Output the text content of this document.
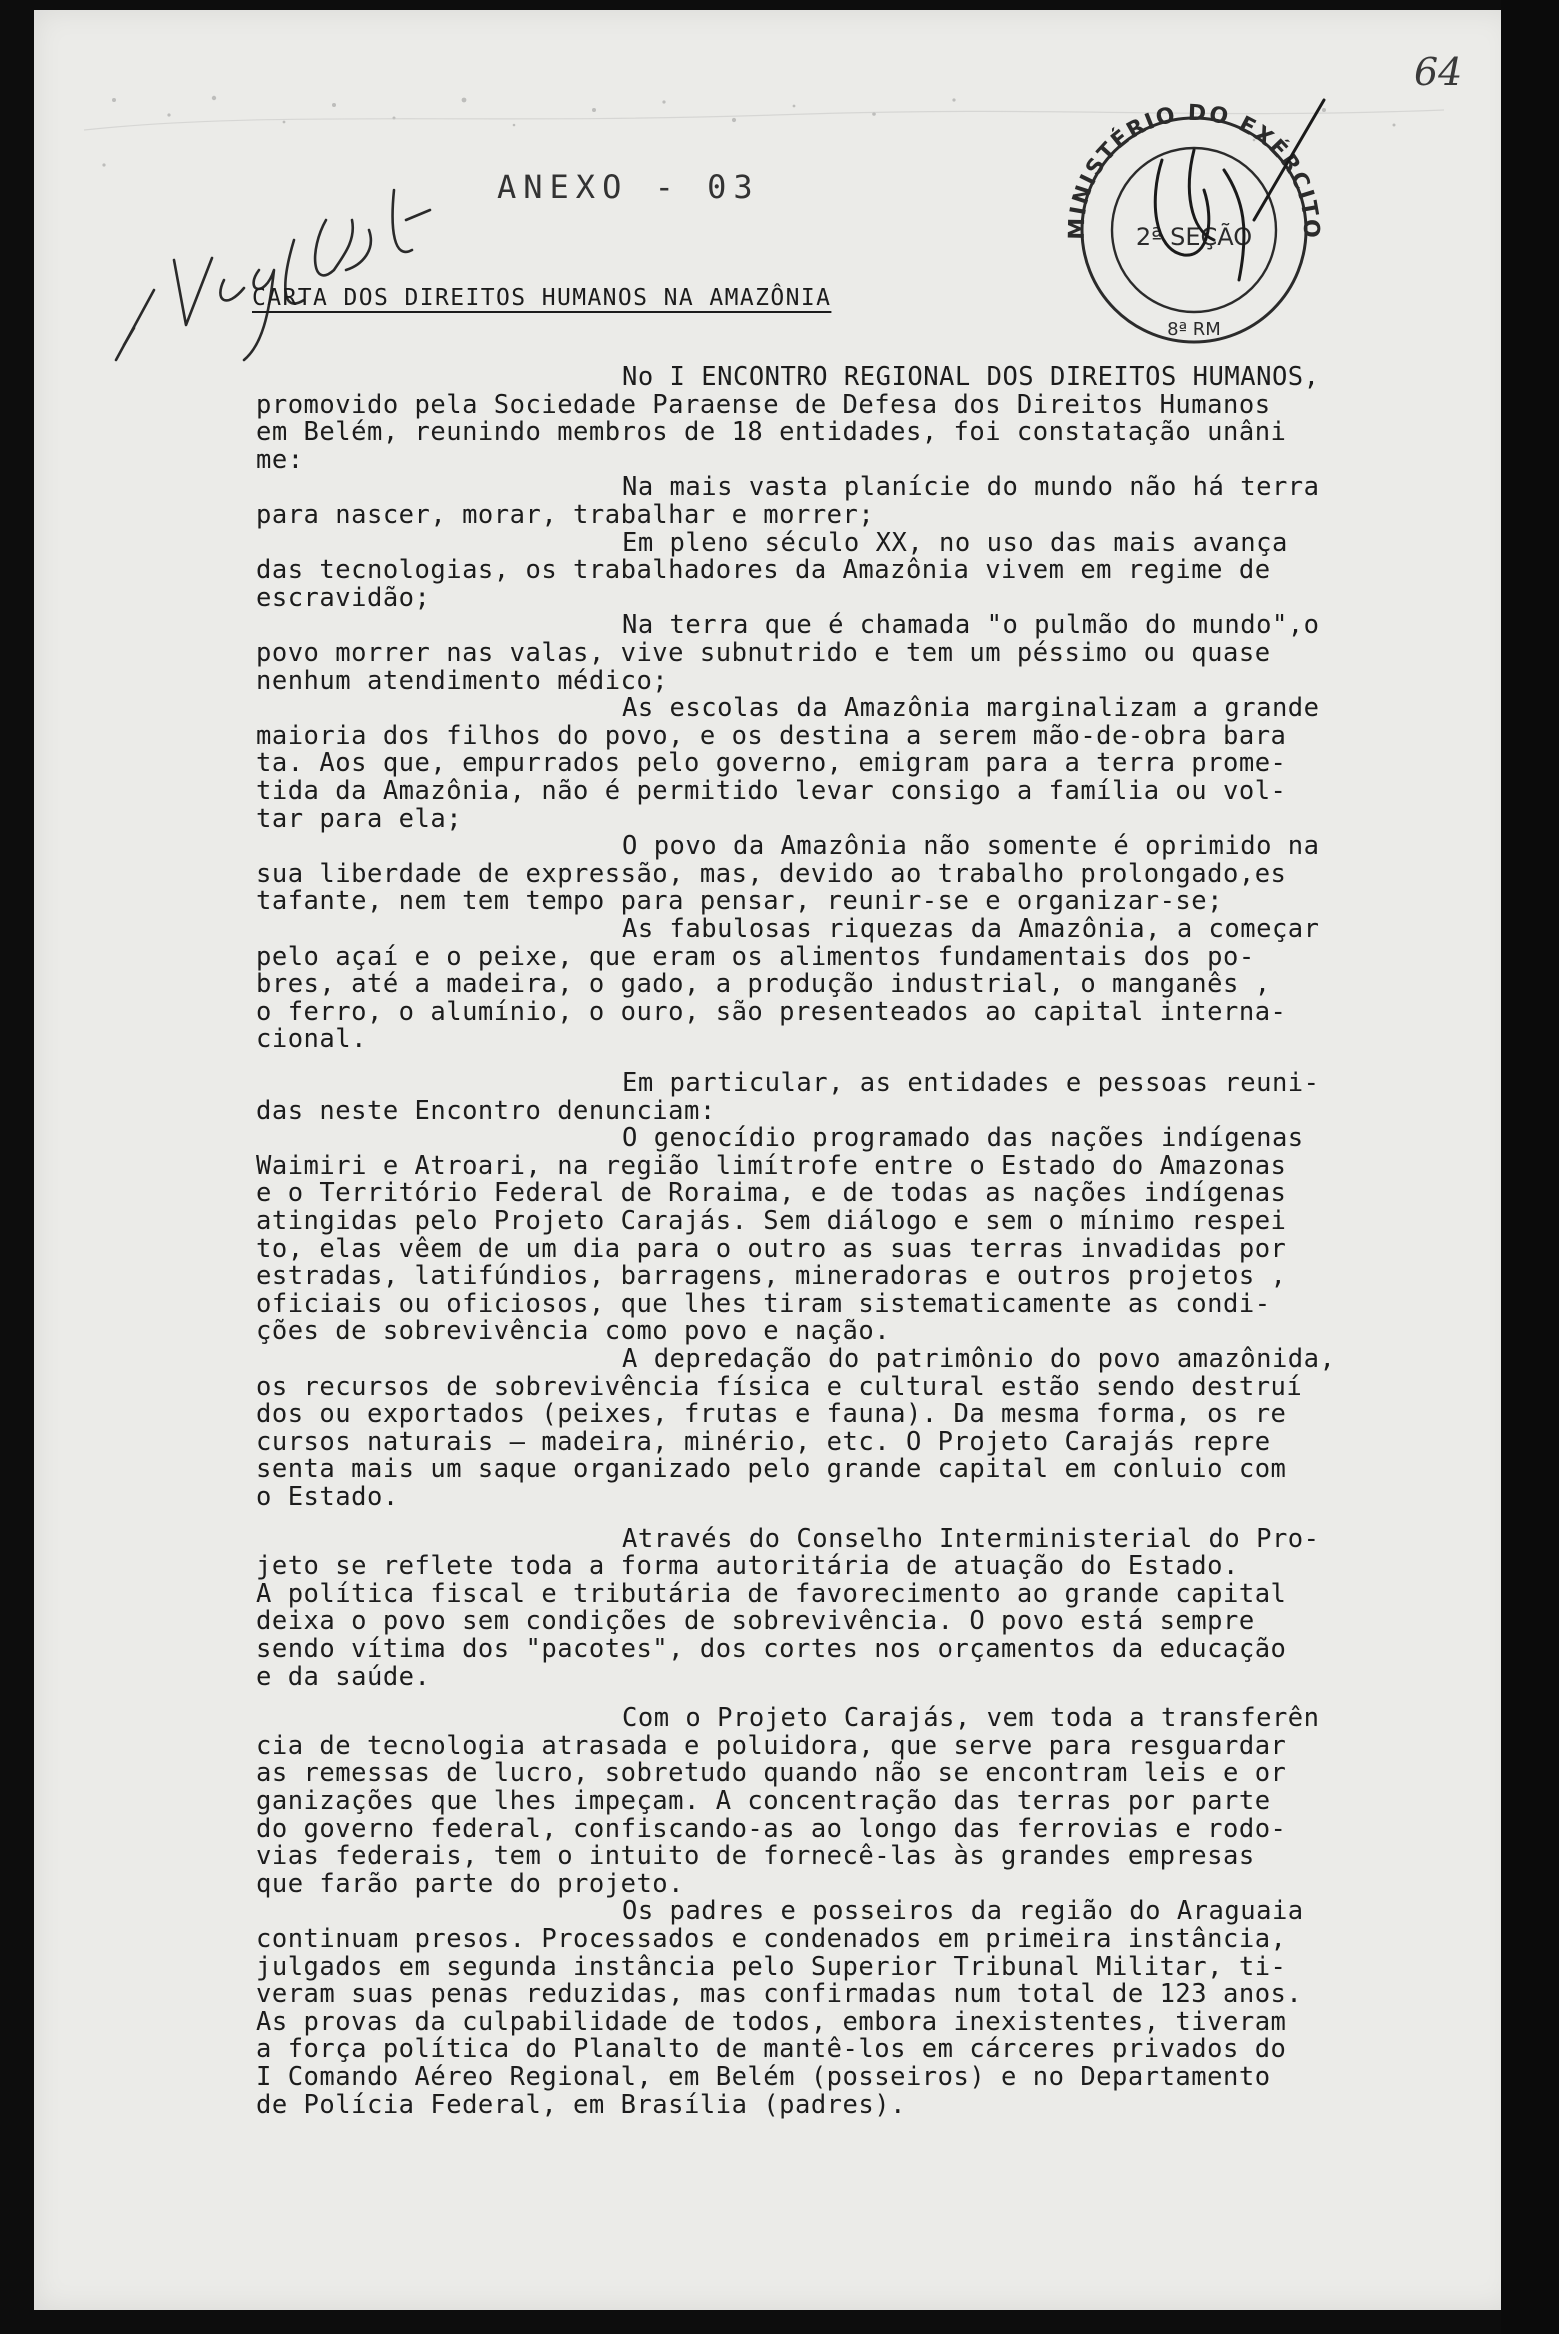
ANEXO - 03
CARTA DOS DIREITOS HUMANOS NA AMAZÔNIA
64
MINISTÉRIO DO EXÉRCITO
2ª SEÇÃO
8ª RM
No I ENCONTRO REGIONAL DOS DIREITOS HUMANOS,
promovido pela Sociedade Paraense de Defesa dos Direitos Humanos
em Belém, reunindo membros de 18 entidades, foi constatação unâni
me:
Na mais vasta planície do mundo não há terra
para nascer, morar, trabalhar e morrer;
Em pleno século XX, no uso das mais avança
das tecnologias, os trabalhadores da Amazônia vivem em regime de
escravidão;
Na terra que é chamada "o pulmão do mundo",o
povo morrer nas valas, vive subnutrido e tem um péssimo ou quase
nenhum atendimento médico;
As escolas da Amazônia marginalizam a grande
maioria dos filhos do povo, e os destina a serem mão-de-obra bara
ta. Aos que, empurrados pelo governo, emigram para a terra prome-
tida da Amazônia, não é permitido levar consigo a família ou vol-
tar para ela;
O povo da Amazônia não somente é oprimido na
sua liberdade de expressão, mas, devido ao trabalho prolongado,es
tafante, nem tem tempo para pensar, reunir-se e organizar-se;
As fabulosas riquezas da Amazônia, a começar
pelo açaí e o peixe, que eram os alimentos fundamentais dos po-
bres, até a madeira, o gado, a produção industrial, o manganês ,
o ferro, o alumínio, o ouro, são presenteados ao capital interna-
cional.
Em particular, as entidades e pessoas reuni-
das neste Encontro denunciam:
O genocídio programado das nações indígenas
Waimiri e Atroari, na região limítrofe entre o Estado do Amazonas
e o Território Federal de Roraima, e de todas as nações indígenas
atingidas pelo Projeto Carajás. Sem diálogo e sem o mínimo respei
to, elas vêem de um dia para o outro as suas terras invadidas por
estradas, latifúndios, barragens, mineradoras e outros projetos ,
oficiais ou oficiosos, que lhes tiram sistematicamente as condi-
ções de sobrevivência como povo e nação.
A depredação do patrimônio do povo amazônida,
os recursos de sobrevivência física e cultural estão sendo destruí
dos ou exportados (peixes, frutas e fauna). Da mesma forma, os re
cursos naturais — madeira, minério, etc. O Projeto Carajás repre
senta mais um saque organizado pelo grande capital em conluio com
o Estado.
Através do Conselho Interministerial do Pro-
jeto se reflete toda a forma autoritária de atuação do Estado.
A política fiscal e tributária de favorecimento ao grande capital
deixa o povo sem condições de sobrevivência. O povo está sempre
sendo vítima dos "pacotes", dos cortes nos orçamentos da educação
e da saúde.
Com o Projeto Carajás, vem toda a transferên
cia de tecnologia atrasada e poluidora, que serve para resguardar
as remessas de lucro, sobretudo quando não se encontram leis e or
ganizações que lhes impeçam. A concentração das terras por parte
do governo federal, confiscando-as ao longo das ferrovias e rodo-
vias federais, tem o intuito de fornecê-las às grandes empresas
que farão parte do projeto.
Os padres e posseiros da região do Araguaia
continuam presos. Processados e condenados em primeira instância,
julgados em segunda instância pelo Superior Tribunal Militar, ti-
veram suas penas reduzidas, mas confirmadas num total de 123 anos.
As provas da culpabilidade de todos, embora inexistentes, tiveram
a força política do Planalto de mantê-los em cárceres privados do
I Comando Aéreo Regional, em Belém (posseiros) e no Departamento
de Polícia Federal, em Brasília (padres).
